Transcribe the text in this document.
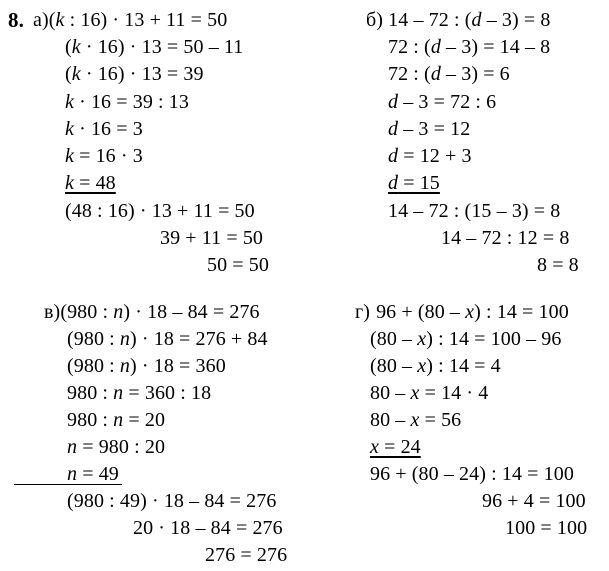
8. а)(k : 16) · 13 + 11 = 50
(k · 16) · 13 = 50 – 11
(k · 16) · 13 = 39
k · 16 = 39 : 13
k · 16 = 3
k = 16 · 3
k = 48
(48 : 16) · 13 + 11 = 50
39 + 11 = 50
50 = 50
б) 14 – 72 : (d – 3) = 8
72 : (d – 3) = 14 – 8
72 : (d – 3) = 6
d – 3 = 72 : 6
d – 3 = 12
d = 12 + 3
d = 15
14 – 72 : (15 – 3) = 8
14 – 72 : 12 = 8
8 = 8
в)(980 : n) · 18 – 84 = 276
(980 : n) · 18 = 276 + 84
(980 : n) · 18 = 360
980 : n = 360 : 18
980 : n = 20
n = 980 : 20
n = 49
(980 : 49) · 18 – 84 = 276
20 · 18 – 84 = 276
276 = 276
г) 96 + (80 – x) : 14 = 100
(80 – x) : 14 = 100 – 96
(80 – x) : 14 = 4
80 – x = 14 · 4
80 – x = 56
x = 24
96 + (80 – 24) : 14 = 100
96 + 4 = 100
100 = 100
